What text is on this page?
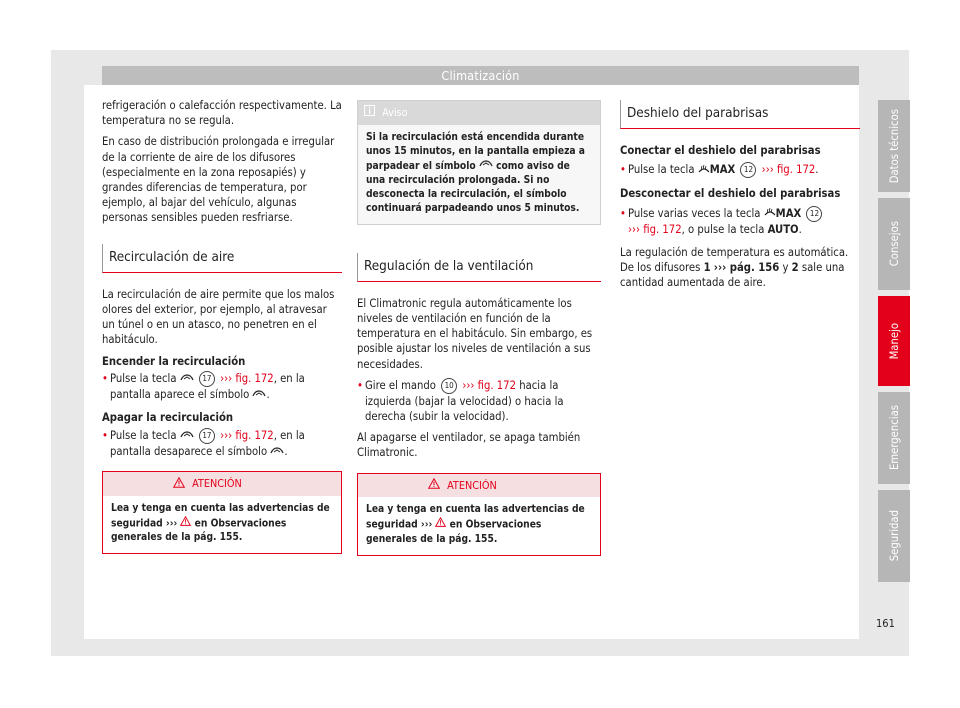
Climatización

refrigeración o calefacción respectivamente. La temperatura no se regula.

En caso de distribución prolongada e irregular de la corriente de aire de los difusores (especialmente en la zona reposapiés) y grandes diferencias de temperatura, por ejemplo, al bajar del vehículo, algunas personas sensibles pueden resfriarse.

Recirculación de aire

La recirculación de aire permite que los malos olores del exterior, por ejemplo, al atravesar un túnel o en un atasco, no penetren en el habitáculo.

Encender la recirculación

• Pulse la tecla	17 ››› fig. 172, en la pantalla aparece el símbolo .

Apagar la recirculación

• Pulse la tecla	17 ››› fig. 172, en la pantalla desaparece el símbolo .
ATENCIÓN
Lea y tenga en cuenta las advertencias de seguridad ›››  en Observaciones generales de la pág. 155.
Aviso
Si la recirculación está encendida durante unos 15 minutos, en la pantalla empieza a parpadear el símbolo como aviso de una recirculación prolongada. Si no desconecta la recirculación, el símbolo continuará parpadeando unos 5 minutos.
Regulación de la ventilación

El Climatronic regula automáticamente los niveles de ventilación en función de la temperatura en el habitáculo. Sin embargo, es posible ajustar los niveles de ventilación a sus necesidades.

• Gire el mando 10 ››› fig. 172 hacia la izquierda (bajar la velocidad) o hacia la derecha (subir la velocidad).

Al apagarse el ventilador, se apaga también Climatronic.

ATENCIÓN
Lea y tenga en cuenta las advertencias de seguridad ›››  en Observaciones generales de la pág. 155.
Deshielo del parabrisas

Conectar el deshielo del parabrisas

• Pulse la tecla MAX 12 ››› fig. 172.

Desconectar el deshielo del parabrisas

• Pulse varias veces la tecla MAX 12
››› fig. 172, o pulse la tecla AUTO.

La regulación de temperatura es automática. De los difusores 1 ››› pág. 156 y 2 sale una cantidad aumentada de aire.

Datos técnicos
Consejos
Manejo
Emergencias
Seguridad
161
